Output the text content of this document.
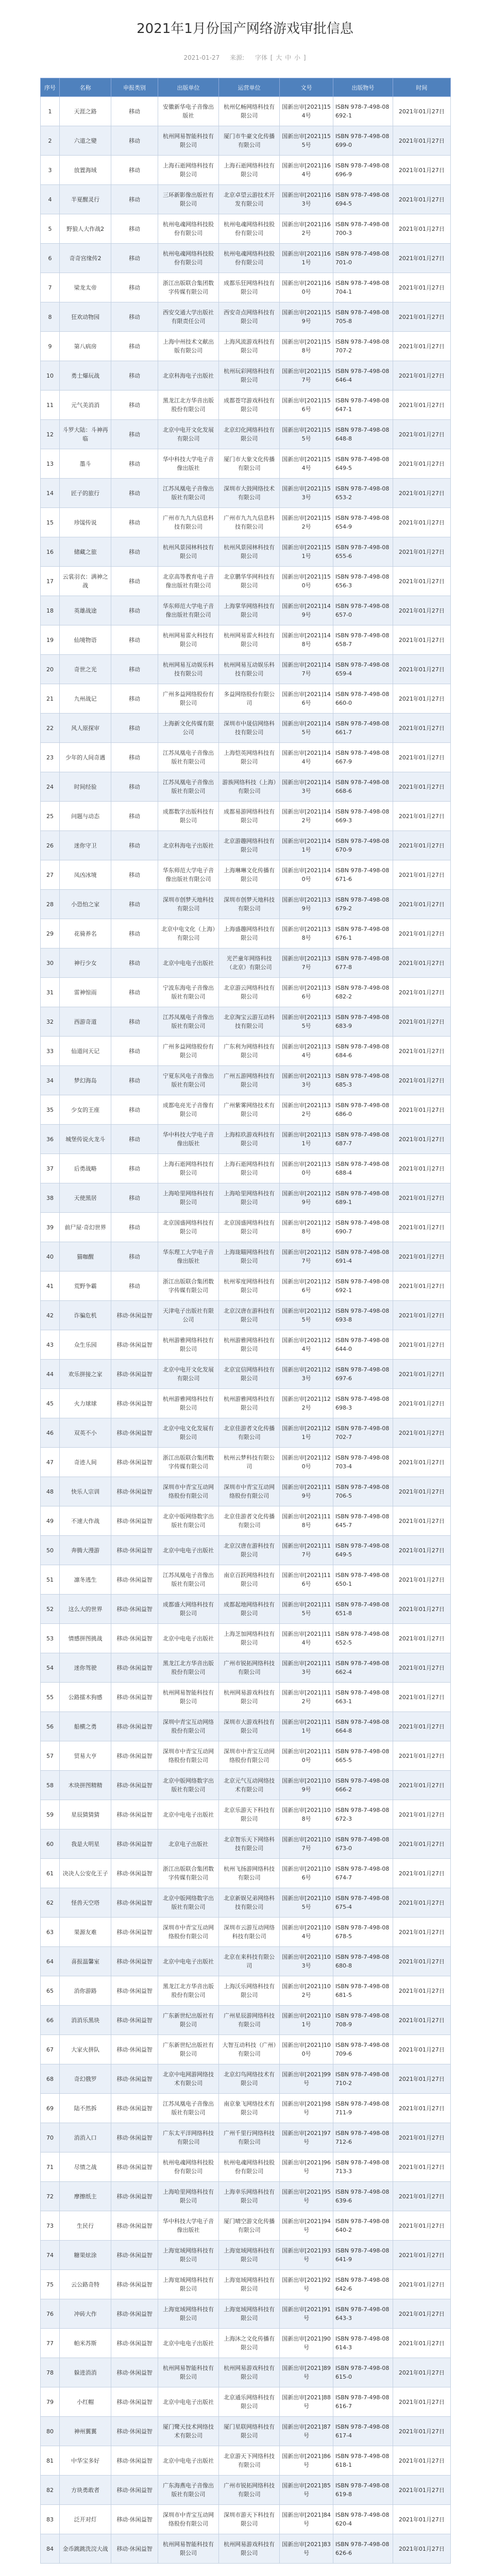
2021年1月份国产网络游戏审批信息
2021-01-27 来源: 字体 [ 大 中 小 ]
序号	名称	申报类别	出版单位	运营单位	文号	出版物号	时间
1	天涯之路	移动	安徽新华电子音像出版社	杭州亿畅网络科技有限公司	国新出审[2021]154号	ISBN 978-7-498-08692-1	2021年01月27日
2	六道之變	移动	杭州网易智能科技有限公司	厦门市牛豪文化传播有限公司	国新出审[2021]155号	ISBN 978-7-498-08699-0	2021年01月27日
3	放置海域	移动	上海石逝网络科技有限公司	上海石逝网络科技有限公司	国新出审[2021]164号	ISBN 978-7-498-08696-9	2021年01月27日
4	半夏醒灵行	移动	三环新影像出版社有限公司	北京卓望云游技术开发有限公司	国新出审[2021]163号	ISBN 978-7-498-08694-5	2021年01月27日
5	野狼人大作战2	移动	杭州电魂网络科技股份有限公司	杭州电魂网络科技股份有限公司	国新出审[2021]162号	ISBN 978-7-498-08700-3	2021年01月27日
6	奇奇宫缘传2	移动	杭州电魂网络科技股份有限公司	杭州电魂网络科技股份有限公司	国新出审[2021]161号	ISBN 978-7-498-08701-0	2021年01月27日
7	梁龙太帝	移动	浙江出版联合集团数字传媒有限公司	成都乐狂网络科技有限公司	国新出审[2021]160号	ISBN 978-7-498-08704-1	2021年01月27日
8	狂欢动物园	移动	西安交通大学出版社有限责任公司	西安奇点网络科技有限公司	国新出审[2021]159号	ISBN 978-7-498-08705-8	2021年01月27日
9	第八病房	移动	上海中州技术文献出版有限公司	上海风流游戏科技有限公司	国新出审[2021]158号	ISBN 978-7-498-08707-2	2021年01月27日
10	勇士爆玩战	移动	北京科海电子出版社	杭州玩彩网络科技有限公司	国新出审[2021]157号	ISBN 978-7-498-08646-4	2021年01月27日
11	元气美消消	移动	黑龙江北方华音出版股份有限公司	成都苍穹游戏科技有限公司	国新出审[2021]156号	ISBN 978-7-498-08647-1	2021年01月27日
12	斗罗大陆：斗神再临	移动	北京中电开文化发展有限公司	北京幻化网络科技有限公司	国新出审[2021]155号	ISBN 978-7-498-08648-8	2021年01月27日
13	墨斗	移动	华中科技大学电子音像出版社	厦门市大象文化传播有限公司	国新出审[2021]154号	ISBN 978-7-498-08649-5	2021年01月27日
14	匠子的旅行	移动	江苏凤凰电子音像出版社有限公司	深圳市大鼓网络技术有限公司	国新出审[2021]153号	ISBN 978-7-498-08653-2	2021年01月27日
15	珍馐传说	移动	广州市九九九信息科技有限公司	广州市九九九信息科技有限公司	国新出审[2021]152号	ISBN 978-7-498-08654-9	2021年01月27日
16	储藏之旅	移动	杭州风景园林科技有限公司	杭州风景园林科技有限公司	国新出审[2021]151号	ISBN 978-7-498-08655-6	2021年01月27日
17	云裳羽衣：满神之战	移动	北京高等教育电子音像出版社有限公司	北京鹏华华网科技有限公司	国新出审[2021]150号	ISBN 978-7-498-08656-3	2021年01月27日
18	英雄战途	移动	华东师范大学电子音像出版社有限公司	上海掌华网络科技有限公司	国新出审[2021]149号	ISBN 978-7-498-08657-0	2021年01月27日
19	仙境物语	移动	杭州网易雷火科技有限公司	杭州网易雷火科技有限公司	国新出审[2021]148号	ISBN 978-7-498-08658-7	2021年01月27日
20	奇世之光	移动	杭州网易互动娱乐科技有限公司	杭州网易互动娱乐科技有限公司	国新出审[2021]147号	ISBN 978-7-498-08659-4	2021年01月27日
21	九州战记	移动	广州多益网络股份有限公司	多益网络股份有限公司	国新出审[2021]146号	ISBN 978-7-498-08660-0	2021年01月27日
22	风人原探审	移动	上海新文化传媒有限公司	深圳市中晟信网络科技有限公司	国新出审[2021]145号	ISBN 978-7-498-08661-7	2021年01月27日
23	少年的人间奇遇	移动	江苏凤凰电子音像出版社有限公司	上海恺英网络科技有限公司	国新出审[2021]144号	ISBN 978-7-498-08667-9	2021年01月27日
24	时间经验	移动	江苏凤凰电子音像出版社有限公司	游族网络科技（上海）有限公司	国新出审[2021]143号	ISBN 978-7-498-08668-6	2021年01月27日
25	问题与动态	移动	成都数字出版科技有限公司	成都易游网络科技有限公司	国新出审[2021]142号	ISBN 978-7-498-08669-3	2021年01月27日
26	迷你守卫	移动	北京科海电子出版社	北京游趣网络科技有限公司	国新出审[2021]141号	ISBN 978-7-498-08670-9	2021年01月27日
27	凤凶冰境	移动	华东师范大学电子音像出版社有限公司	上海琳琳文化传播有限公司	国新出审[2021]140号	ISBN 978-7-498-08671-6	2021年01月27日
28	小恐怕之家	移动	深圳市创梦天地科技有限公司	深圳市创梦天地科技有限公司	国新出审[2021]139号	ISBN 978-7-498-08679-2	2021年01月27日
29	花骑养名	移动	北京中电文化（上海）有限公司	上海盛趣网络科技有限公司	国新出审[2021]138号	ISBN 978-7-498-08676-1	2021年01月27日
30	神行少女	移动	北京中电电子出版社	光芒童年网络科技（北京）有限公司	国新出审[2021]137号	ISBN 978-7-498-08677-8	2021年01月27日
31	雷神惊雨	移动	宁波东海电子音像出版社有限公司	北京游云网络科技有限公司	国新出审[2021]136号	ISBN 978-7-498-08682-2	2021年01月27日
32	西游奇道	移动	江苏凤凰电子音像出版社有限公司	北京淘宝云游互动科技有限公司	国新出审[2021]135号	ISBN 978-7-498-08683-9	2021年01月27日
33	仙道问天记	移动	广州多益网络股份有限公司	广东利为网络科技有限公司	国新出审[2021]134号	ISBN 978-7-498-08684-6	2021年01月27日
34	梦幻海岛	移动	宁夏东风电子音像出版社有限公司	广州五游网络科技有限公司	国新出审[2021]133号	ISBN 978-7-498-08685-3	2021年01月27日
35	少女的王座	移动	成都电亮光子音像有限公司	广州紫雾网络技术有限公司	国新出审[2021]132号	ISBN 978-7-498-08686-0	2021年01月27日
36	城堡传说火龙斗	移动	华中科技大学电子音像出版社	上海棕玖游戏科技有限公司	国新出审[2021]131号	ISBN 978-7-498-08687-7	2021年01月27日
37	后勇战略	移动	上海石逝网络科技有限公司	上海石逝网络科技有限公司	国新出审[2021]130号	ISBN 978-7-498-08688-4	2021年01月27日
38	天使黑居	移动	上海哈里网络科技有限公司	上海哈里网络科技有限公司	国新出审[2021]129号	ISBN 978-7-498-08689-1	2021年01月27日
39	前尸屋·奇幻世界	移动	北京国盛网络科技有限公司	北京国盛网络科技有限公司	国新出审[2021]128号	ISBN 978-7-498-08690-7	2021年01月27日
40	猫咖醒	移动	华东理工大学电子音像出版社	上海珑瞄网络科技有限公司	国新出审[2021]127号	ISBN 978-7-498-08691-4	2021年01月27日
41	荒野争霸	移动	浙江出版联合集团数字传媒有限公司	杭州零度网络科技有限公司	国新出审[2021]126号	ISBN 978-7-498-08692-1	2021年01月27日
42	诈骗危机	移动·休闲益智	天津电子出版社有限公司	北京汉唐在游科技有限公司	国新出审[2021]125号	ISBN 978-7-498-08693-8	2021年01月27日
43	众生乐园	移动·休闲益智	杭州游雅网络科技有限公司	杭州游雅网络科技有限公司	国新出审[2021]124号	ISBN 978-7-498-08644-0	2021年01月27日
44	欢乐拼接之家	移动·休闲益智	北京中电开文化发展有限公司	北京宜信网络科技有限公司	国新出审[2021]123号	ISBN 978-7-498-08697-6	2021年01月27日
45	火力球球	移动·休闲益智	杭州游雅网络科技有限公司	杭州游雅网络科技有限公司	国新出审[2021]122号	ISBN 978-7-498-08698-3	2021年01月27日
46	双英不小	移动·休闲益智	北京中电文化发展有限公司	北京佳游者文化传播有限公司	国新出审[2021]121号	ISBN 978-7-498-08702-7	2021年01月27日
47	奇迹人间	移动·休闲益智	浙江出版联合集团数字传媒有限公司	杭州云梦科技有限公司	国新出审[2021]120号	ISBN 978-7-498-08703-4	2021年01月27日
48	快乐人宗训	移动·休闲益智	深圳市中青宝互动网络股份有限公司	深圳市中青宝互动网络股份有限公司	国新出审[2021]119号	ISBN 978-7-498-08706-5	2021年01月27日
49	不速大作战	移动·休闲益智	北京中版网络数字出版社有限公司	北京佳游者文化传播有限公司	国新出审[2021]118号	ISBN 978-7-498-08645-7	2021年01月27日
50	奔腾大漫游	移动·休闲益智	北京中电电子出版社	北京汉唐在游科技有限公司	国新出审[2021]117号	ISBN 978-7-498-08649-5	2021年01月27日
51	凛冬逃生	移动·休闲益智	江苏凤凰电子音像出版社有限公司	南京百跃网络科技有限公司	国新出审[2021]116号	ISBN 978-7-498-08650-1	2021年01月27日
52	这么大的世界	移动·休闲益智	成都盛大网络科技有限公司	成都起地网络科技有限公司	国新出审[2021]115号	ISBN 978-7-498-08651-8	2021年01月27日
53	情感拼图挑战	移动·休闲益智	北京中电电子出版社	上海芝加网络科技有限公司	国新出审[2021]114号	ISBN 978-7-498-08652-5	2021年01月27日
54	迷你驾驶	移动·休闲益智	黑龙江北方华音出版股份有限公司	广州市锐拓网络科技有限公司	国新出审[2021]113号	ISBN 978-7-498-08662-4	2021年01月27日
55	公路擂木狗感	移动·休闲益智	杭州网易智能科技有限公司	杭州网易游戏科技有限公司	国新出审[2021]112号	ISBN 978-7-498-08663-1	2021年01月27日
56	船横之勇	移动·休闲益智	深圳中青宝互动网络股份有限公司	深圳市大游戏科技有限公司	国新出审[2021]111号	ISBN 978-7-498-08664-8	2021年01月27日
57	贸易大亨	移动·休闲益智	深圳市中青宝互动网络股份有限公司	深圳市中青宝互动网络股份有限公司	国新出审[2021]110号	ISBN 978-7-498-08665-5	2021年01月27日
58	木块拼图精精	移动·休闲益智	北京中版网络数字出版社有限公司	北京元气互动网络技术有限公司	国新出审[2021]109号	ISBN 978-7-498-08666-2	2021年01月27日
59	星辰猜猜猜	移动·休闲益智	北京中电电子出版社	北京乐游天下科技有限公司	国新出审[2021]108号	ISBN 978-7-498-08672-3	2021年01月27日
60	我是大明星	移动·休闲益智	北京电子出版社	北京智乐天下网络科技有限公司	国新出审[2021]107号	ISBN 978-7-498-08673-0	2021年01月27日
61	决决人公安化王子	移动·休闲益智	浙江出版联合集团数字传媒有限公司	杭州飞扬游网络科技有限公司	国新出审[2021]106号	ISBN 978-7-498-08674-7	2021年01月27日
62	怪兽天空塔	移动·休闲益智	北京中版网络数字出版社有限公司	北京新娱兄弟网络科技有限公司	国新出审[2021]105号	ISBN 978-7-498-08675-4	2021年01月27日
63	果源友难	移动·休闲益智	深圳市中青宝互动网络股份有限公司	深圳市云游互动网络科技有限公司	国新出审[2021]104号	ISBN 978-7-498-08678-5	2021年01月27日
64	喜报温馨室	移动·休闲益智	北京中电电子出版社	北京在来科技有限公司	国新出审[2021]103号	ISBN 978-7-498-08680-8	2021年01月27日
65	消你游路	移动·休闲益智	黑龙江北方华音出版股份有限公司	上海沃乐网络科技有限公司	国新出审[2021]102号	ISBN 978-7-498-08681-5	2021年01月27日
66	消消乐黑块	移动·休闲益智	广东新世纪出版社有限公司	广州星辰游网络科技有限公司	国新出审[2021]101号	ISBN 978-7-498-08708-9	2021年01月27日
67	大家火拼队	移动·休闲益智	广东新世纪出版社有限公司	大智互动科技（广州）有限公司	国新出审[2021]100号	ISBN 978-7-498-08709-6	2021年01月27日
68	奇幻俄罗	移动·休闲益智	北京中电网游网络技术有限公司	北京幻鸟网络技术有限公司	国新出审[2021]99号	ISBN 978-7-498-08710-2	2021年01月27日
69	陆不然拆	移动·休闲益智	江苏凤凰电子音像出版社有限公司	南京象飞网络技术有限公司	国新出审[2021]98号	ISBN 978-7-498-08711-9	2021年01月27日
70	消消入口	移动·休闲益智	广东太平洋网络科技有限公司	广州千里行网络科技有限公司	国新出审[2021]97号	ISBN 978-7-498-08712-6	2021年01月27日
71	尽情之战	移动·休闲益智	杭州电魂网络科技股份有限公司	杭州电魂网络科技股份有限公司	国新出审[2021]96号	ISBN 978-7-498-08713-3	2021年01月27日
72	摩擦纸主	移动·休闲益智	上海哈里网络科技有限公司	上海幸乐网络科技有限公司	国新出审[2021]95号	ISBN 978-7-498-08639-6	2021年01月27日
73	生民行	移动·休闲益智	华中科技大学电子音像出版社	厦门晴空游文化传播有限公司	国新出审[2021]94号	ISBN 978-7-498-08640-2	2021年01月27日
74	糖果炫涂	移动·休闲益智	上海宽域网络科技有限公司	上海宽域网络科技有限公司	国新出审[2021]93号	ISBN 978-7-498-08641-9	2021年01月27日
75	云公路奇特	移动·休闲益智	上海宽域网络科技有限公司	上海宽域网络科技有限公司	国新出审[2021]92号	ISBN 978-7-498-08642-6	2021年01月27日
76	冲砖大作	移动·休闲益智	上海宽域网络科技有限公司	上海宽域网络科技有限公司	国新出审[2021]91号	ISBN 978-7-498-08643-3	2021年01月27日
77	帕米苏斯	移动·休闲益智	北京中电电子出版社	上海沐之文化传播有限公司	国新出审[2021]90号	ISBN 978-7-498-08614-3	2021年01月27日
78	躲进消消	移动·休闲益智	杭州网易智能科技有限公司	杭州网易游戏科技有限公司	国新出审[2021]89号	ISBN 978-7-498-08615-0	2021年01月27日
79	小红帽	移动·休闲益智	北京中电电子出版社	北京通乐网络科技有限公司	国新出审[2021]88号	ISBN 978-7-498-08616-7	2021年01月27日
80	神州翼翼	移动·休闲益智	厦门鹭天技术网络技术有限公司	厦门星联网络科技有限公司	国新出审[2021]87号	ISBN 978-7-498-08617-4	2021年01月27日
81	中华宝多好	移动·休闲益智	北京中电电子出版社	北京游天下网络科技有限公司	国新出审[2021]86号	ISBN 978-7-498-08618-1	2021年01月27日
82	方块勇敢者	移动·休闲益智	广东海燕电子音像出版社有限公司	广州市锐拓网络科技有限公司	国新出审[2021]85号	ISBN 978-7-498-08619-8	2021年01月27日
83	泛开对灯	移动·休闲益智	深圳市中青宝互动网络股份有限公司	深圳市游天下科技有限公司	国新出审[2021]84号	ISBN 978-7-498-08620-4	2021年01月27日
84	金币跳跳洗浣大战	移动·休闲益智	杭州网易智能科技有限公司	杭州网易游戏科技有限公司	国新出审[2021]83号	ISBN 978-7-498-08626-6	2021年01月27日
